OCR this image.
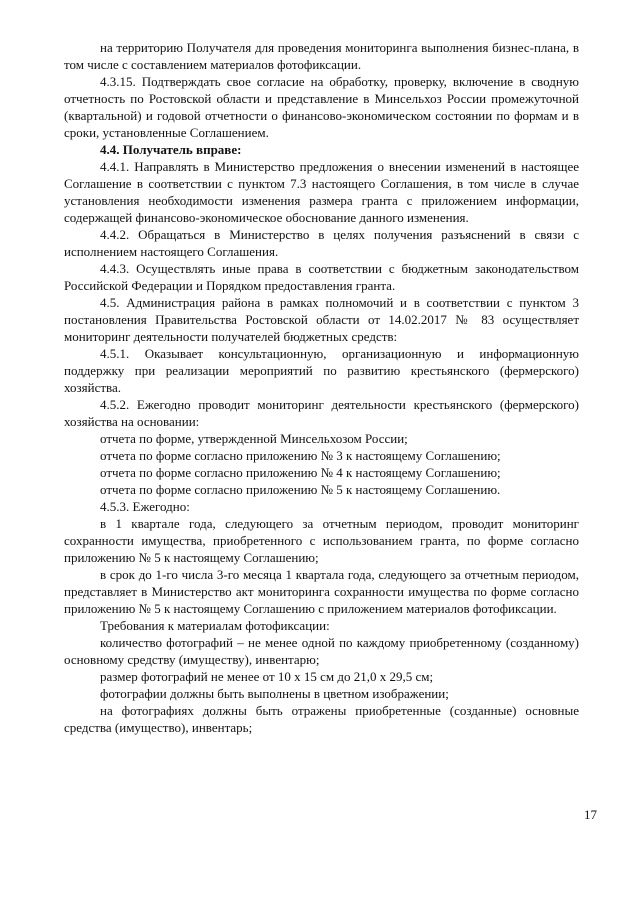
на территорию Получателя для проведения мониторинга выполнения бизнес-плана, в том числе с составлением материалов фотофиксации.

4.3.15. Подтверждать свое согласие на обработку, проверку, включение в сводную отчетность по Ростовской области и представление в Минсельхоз России промежуточной (квартальной) и годовой отчетности о финансово-экономическом состоянии по формам и в сроки, установленные Соглашением.

4.4. Получатель вправе:

4.4.1. Направлять в Министерство предложения о внесении изменений в настоящее Соглашение в соответствии с пунктом 7.3 настоящего Соглашения, в том числе в случае установления необходимости изменения размера гранта с приложением информации, содержащей финансово-экономическое обоснование данного изменения.

4.4.2. Обращаться в Министерство в целях получения разъяснений в связи с исполнением настоящего Соглашения.

4.4.3. Осуществлять иные права в соответствии с бюджетным законодательством Российской Федерации и Порядком предоставления гранта.

4.5. Администрация района в рамках полномочий и в соответствии с пунктом 3 постановления Правительства Ростовской области от 14.02.2017 № 83 осуществляет мониторинг деятельности получателей бюджетных средств:

4.5.1. Оказывает консультационную, организационную и информационную поддержку при реализации мероприятий по развитию крестьянского (фермерского) хозяйства.

4.5.2. Ежегодно проводит мониторинг деятельности крестьянского (фермерского) хозяйства на основании:

отчета по форме, утвержденной Минсельхозом России;

отчета по форме согласно приложению № 3 к настоящему Соглашению;

отчета по форме согласно приложению № 4 к настоящему Соглашению;

отчета по форме согласно приложению № 5 к настоящему Соглашению.

4.5.3. Ежегодно:

в 1 квартале года, следующего за отчетным периодом, проводит мониторинг сохранности имущества, приобретенного с использованием гранта, по форме согласно приложению № 5 к настоящему Соглашению;

в срок до 1-го числа 3-го месяца 1 квартала года, следующего за отчетным периодом, представляет в Министерство акт мониторинга сохранности имущества по форме согласно приложению № 5 к настоящему Соглашению с приложением материалов фотофиксации.

Требования к материалам фотофиксации:

количество фотографий – не менее одной по каждому приобретенному (созданному) основному средству (имуществу), инвентарю;

размер фотографий не менее от 10 х 15 см до 21,0 х 29,5 см;

фотографии должны быть выполнены в цветном изображении;

на фотографиях должны быть отражены приобретенные (созданные) основные средства (имущество), инвентарь;

17
